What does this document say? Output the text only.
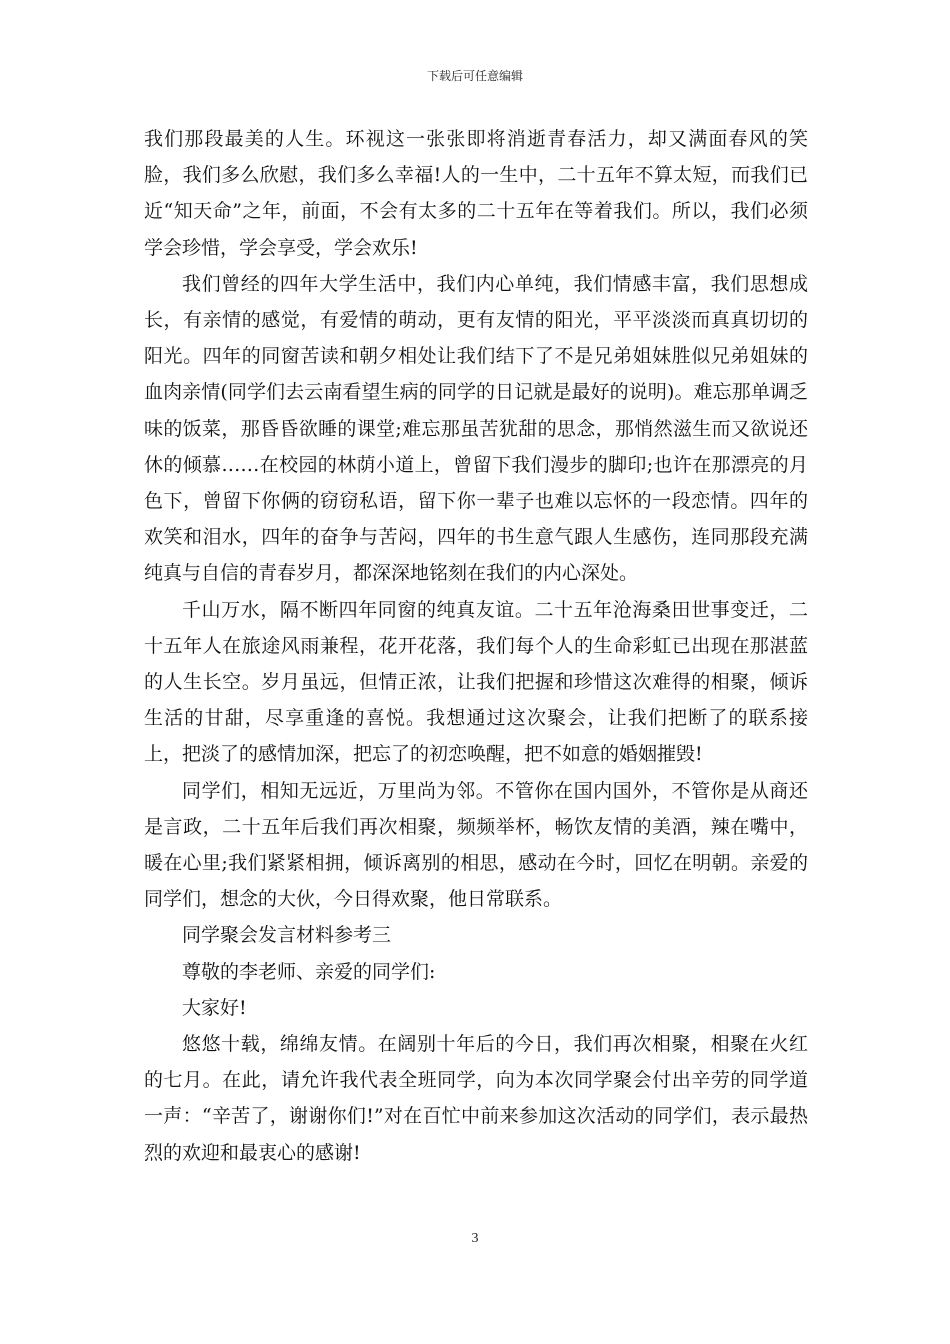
下载后可任意编辑

我们那段最美的人生。环视这一张张即将消逝青春活力，却又满面春风的笑脸，我们多么欣慰，我们多么幸福!人的一生中，二十五年不算太短，而我们已近“知天命”之年，前面，不会有太多的二十五年在等着我们。所以，我们必须学会珍惜，学会享受，学会欢乐!

我们曾经的四年大学生活中，我们内心单纯，我们情感丰富，我们思想成长，有亲情的感觉，有爱情的萌动，更有友情的阳光，平平淡淡而真真切切的阳光。四年的同窗苦读和朝夕相处让我们结下了不是兄弟姐妹胜似兄弟姐妹的血肉亲情(同学们去云南看望生病的同学的日记就是最好的说明)。难忘那单调乏味的饭菜，那昏昏欲睡的课堂;难忘那虽苦犹甜的思念，那悄然滋生而又欲说还休的倾慕……在校园的林荫小道上，曾留下我们漫步的脚印;也许在那漂亮的月色下，曾留下你俩的窃窃私语，留下你一辈子也难以忘怀的一段恋情。四年的欢笑和泪水，四年的奋争与苦闷，四年的书生意气跟人生感伤，连同那段充满纯真与自信的青春岁月，都深深地铭刻在我们的内心深处。

千山万水，隔不断四年同窗的纯真友谊。二十五年沧海桑田世事变迁，二十五年人在旅途风雨兼程，花开花落，我们每个人的生命彩虹已出现在那湛蓝的人生长空。岁月虽远，但情正浓，让我们把握和珍惜这次难得的相聚，倾诉生活的甘甜，尽享重逢的喜悦。我想通过这次聚会，让我们把断了的联系接上，把淡了的感情加深，把忘了的初恋唤醒，把不如意的婚姻摧毁!

同学们，相知无远近，万里尚为邻。不管你在国内国外，不管你是从商还是言政，二十五年后我们再次相聚，频频举杯，畅饮友情的美酒，辣在嘴中，暖在心里;我们紧紧相拥，倾诉离别的相思，感动在今时，回忆在明朝。亲爱的同学们，想念的大伙，今日得欢聚，他日常联系。

同学聚会发言材料参考三

尊敬的李老师、亲爱的同学们:

大家好!

悠悠十载，绵绵友情。在阔别十年后的今日，我们再次相聚，相聚在火红的七月。在此，请允许我代表全班同学，向为本次同学聚会付出辛劳的同学道一声：“辛苦了，谢谢你们!”对在百忙中前来参加这次活动的同学们，表示最热烈的欢迎和最衷心的感谢!

3
